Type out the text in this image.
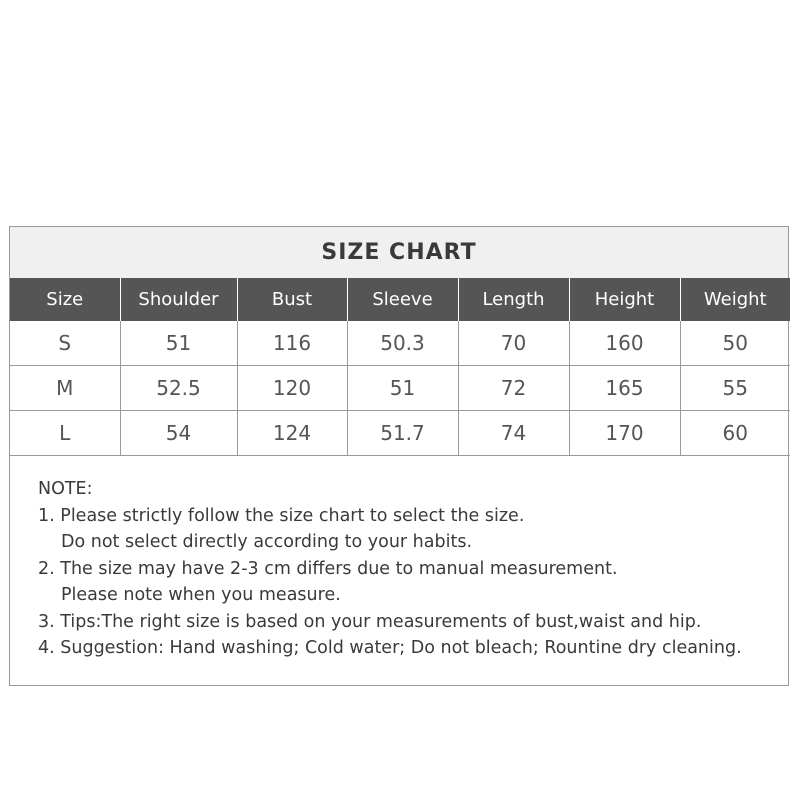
SIZE CHART
Size	Shoulder	Bust	Sleeve	Length	Height	Weight
S	51	116	50.3	70	160	50
M	52.5	120	51	72	165	55
L	54	124	51.7	74	170	60
NOTE:
1. Please strictly follow the size chart to select the size.
Do not select directly according to your habits.
2. The size may have 2-3 cm differs due to manual measurement.
Please note when you measure.
3. Tips:The right size is based on your measurements of bust,waist and hip.
4. Suggestion: Hand washing; Cold water; Do not bleach; Rountine dry cleaning.
